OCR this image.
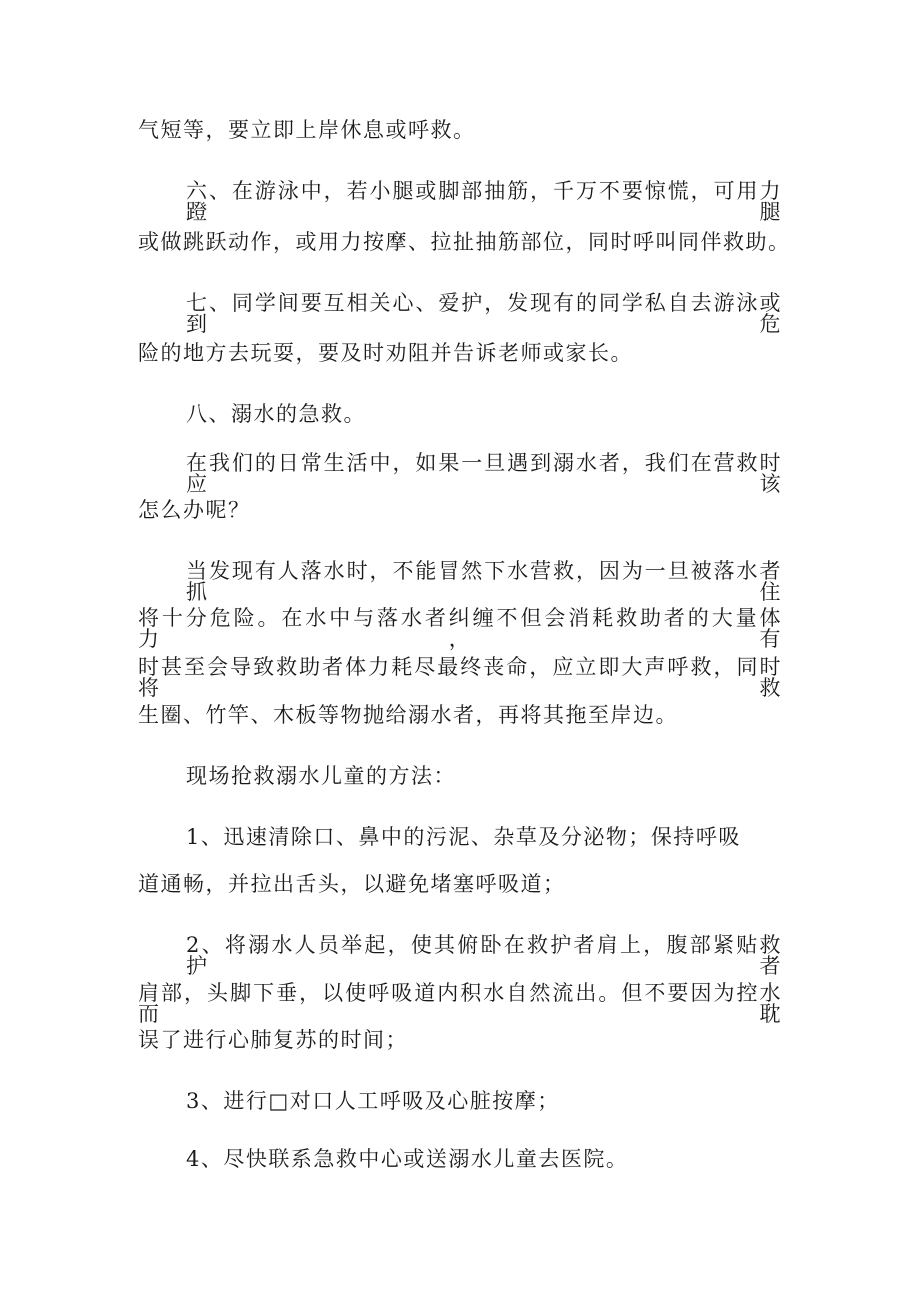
气短等，要立即上岸休息或呼救。

六、在游泳中，若小腿或脚部抽筋，千万不要惊慌，可用力蹬腿

或做跳跃动作，或用力按摩、拉扯抽筋部位，同时呼叫同伴救助。

七、同学间要互相关心、爱护，发现有的同学私自去游泳或到危

险的地方去玩耍，要及时劝阻并告诉老师或家长。

八、溺水的急救。

在我们的日常生活中，如果一旦遇到溺水者，我们在营救时应该

怎么办呢？

当发现有人落水时，不能冒然下水营救，因为一旦被落水者抓住

将十分危险。在水中与落水者纠缠不但会消耗救助者的大量体力，有

时甚至会导致救助者体力耗尽最终丧命，应立即大声呼救，同时将救

生圈、竹竿、木板等物抛给溺水者，再将其拖至岸边。

现场抢救溺水儿童的方法：

1、迅速清除口、鼻中的污泥、杂草及分泌物；保持呼吸

道通畅，并拉出舌头，以避免堵塞呼吸道；

2、将溺水人员举起，使其俯卧在救护者肩上，腹部紧贴救护者

肩部，头脚下垂，以使呼吸道内积水自然流出。但不要因为控水而耽

误了进行心肺复苏的时间；

3、进行□对口人工呼吸及心脏按摩；

4、尽快联系急救中心或送溺水儿童去医院。
